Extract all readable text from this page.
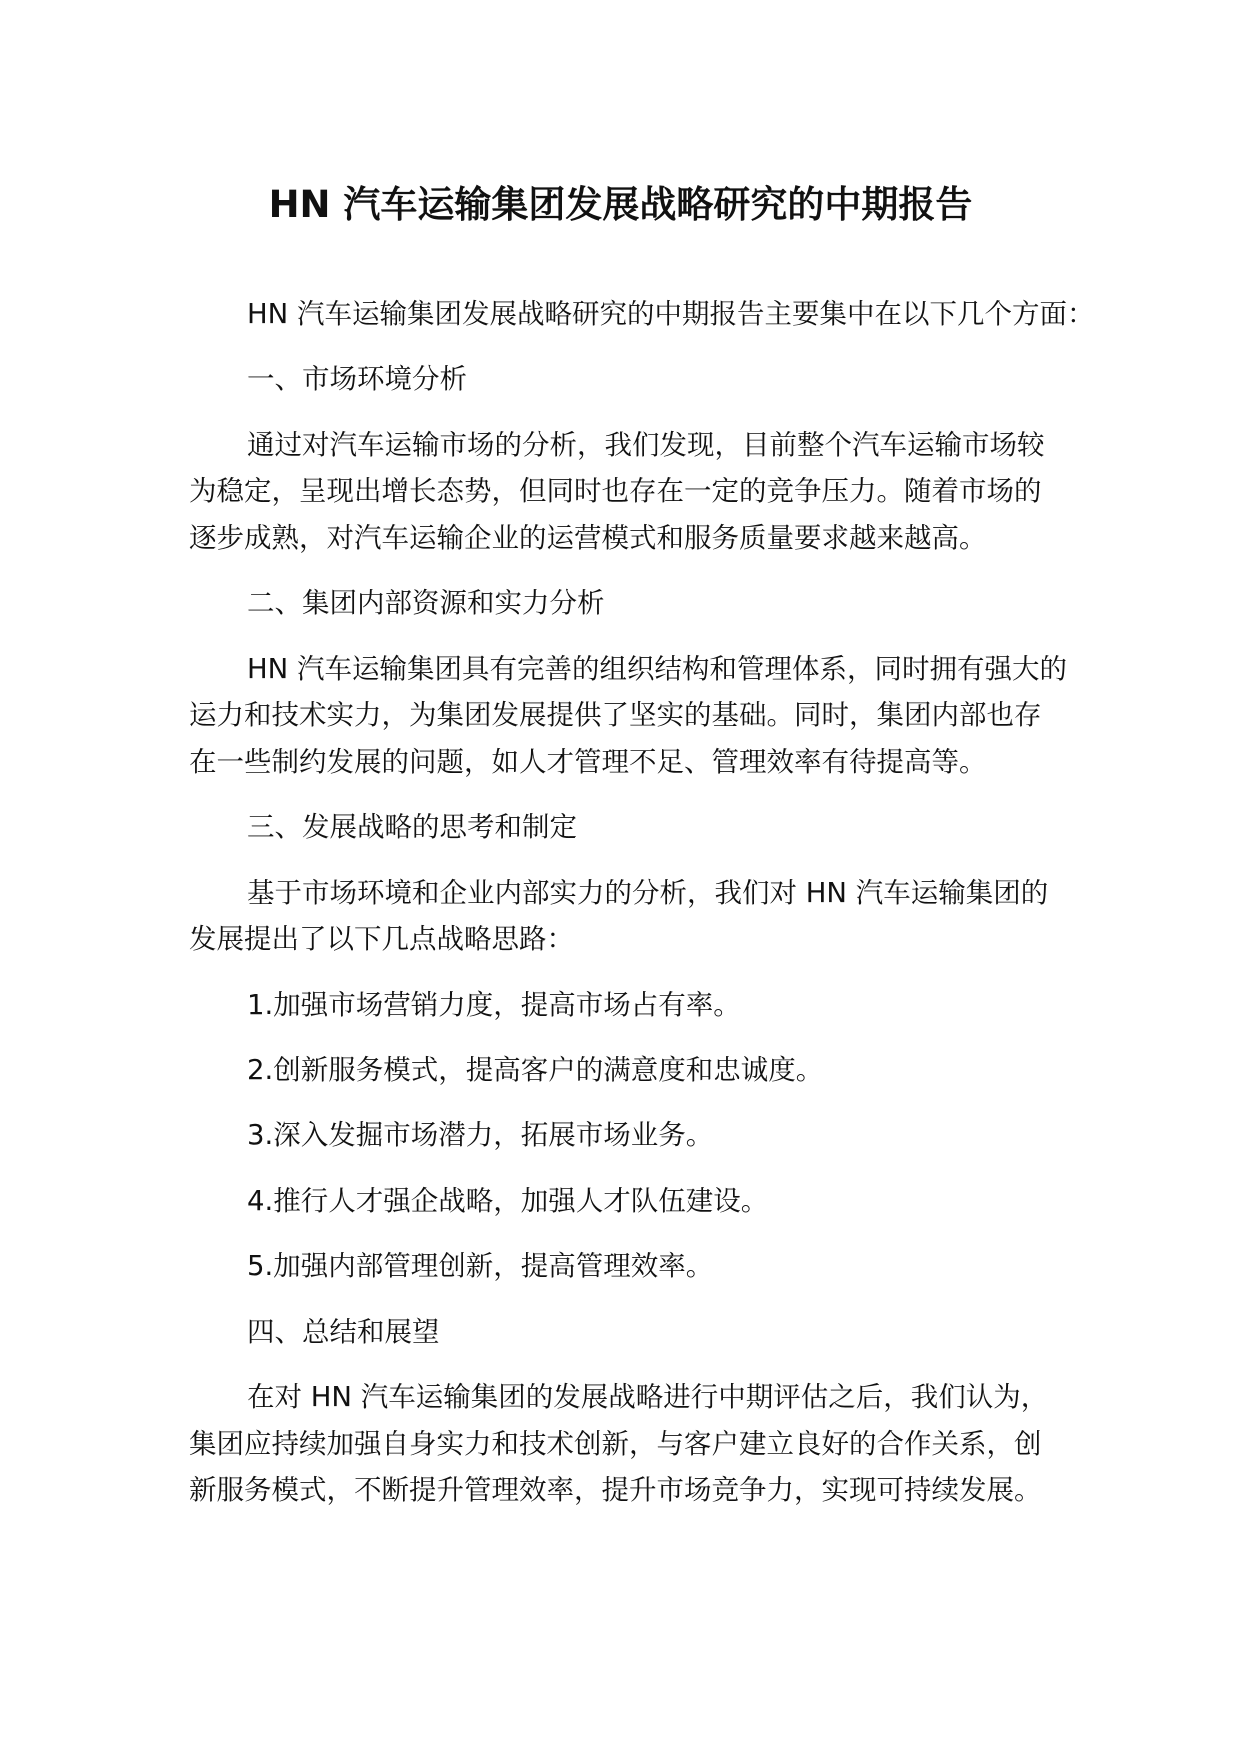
HN 汽车运输集团发展战略研究的中期报告
HN 汽车运输集团发展战略研究的中期报告主要集中在以下几个方面：
一、市场环境分析
通过对汽车运输市场的分析，我们发现，目前整个汽车运输市场较
为稳定，呈现出增长态势，但同时也存在一定的竞争压力。随着市场的
逐步成熟，对汽车运输企业的运营模式和服务质量要求越来越高。
二、集团内部资源和实力分析
HN 汽车运输集团具有完善的组织结构和管理体系，同时拥有强大的
运力和技术实力，为集团发展提供了坚实的基础。同时，集团内部也存
在一些制约发展的问题，如人才管理不足、管理效率有待提高等。
三、发展战略的思考和制定
基于市场环境和企业内部实力的分析，我们对 HN 汽车运输集团的
发展提出了以下几点战略思路：
1.加强市场营销力度，提高市场占有率。
2.创新服务模式，提高客户的满意度和忠诚度。
3.深入发掘市场潜力，拓展市场业务。
4.推行人才强企战略，加强人才队伍建设。
5.加强内部管理创新，提高管理效率。
四、总结和展望
在对 HN 汽车运输集团的发展战略进行中期评估之后，我们认为，
集团应持续加强自身实力和技术创新，与客户建立良好的合作关系，创
新服务模式，不断提升管理效率，提升市场竞争力，实现可持续发展。
